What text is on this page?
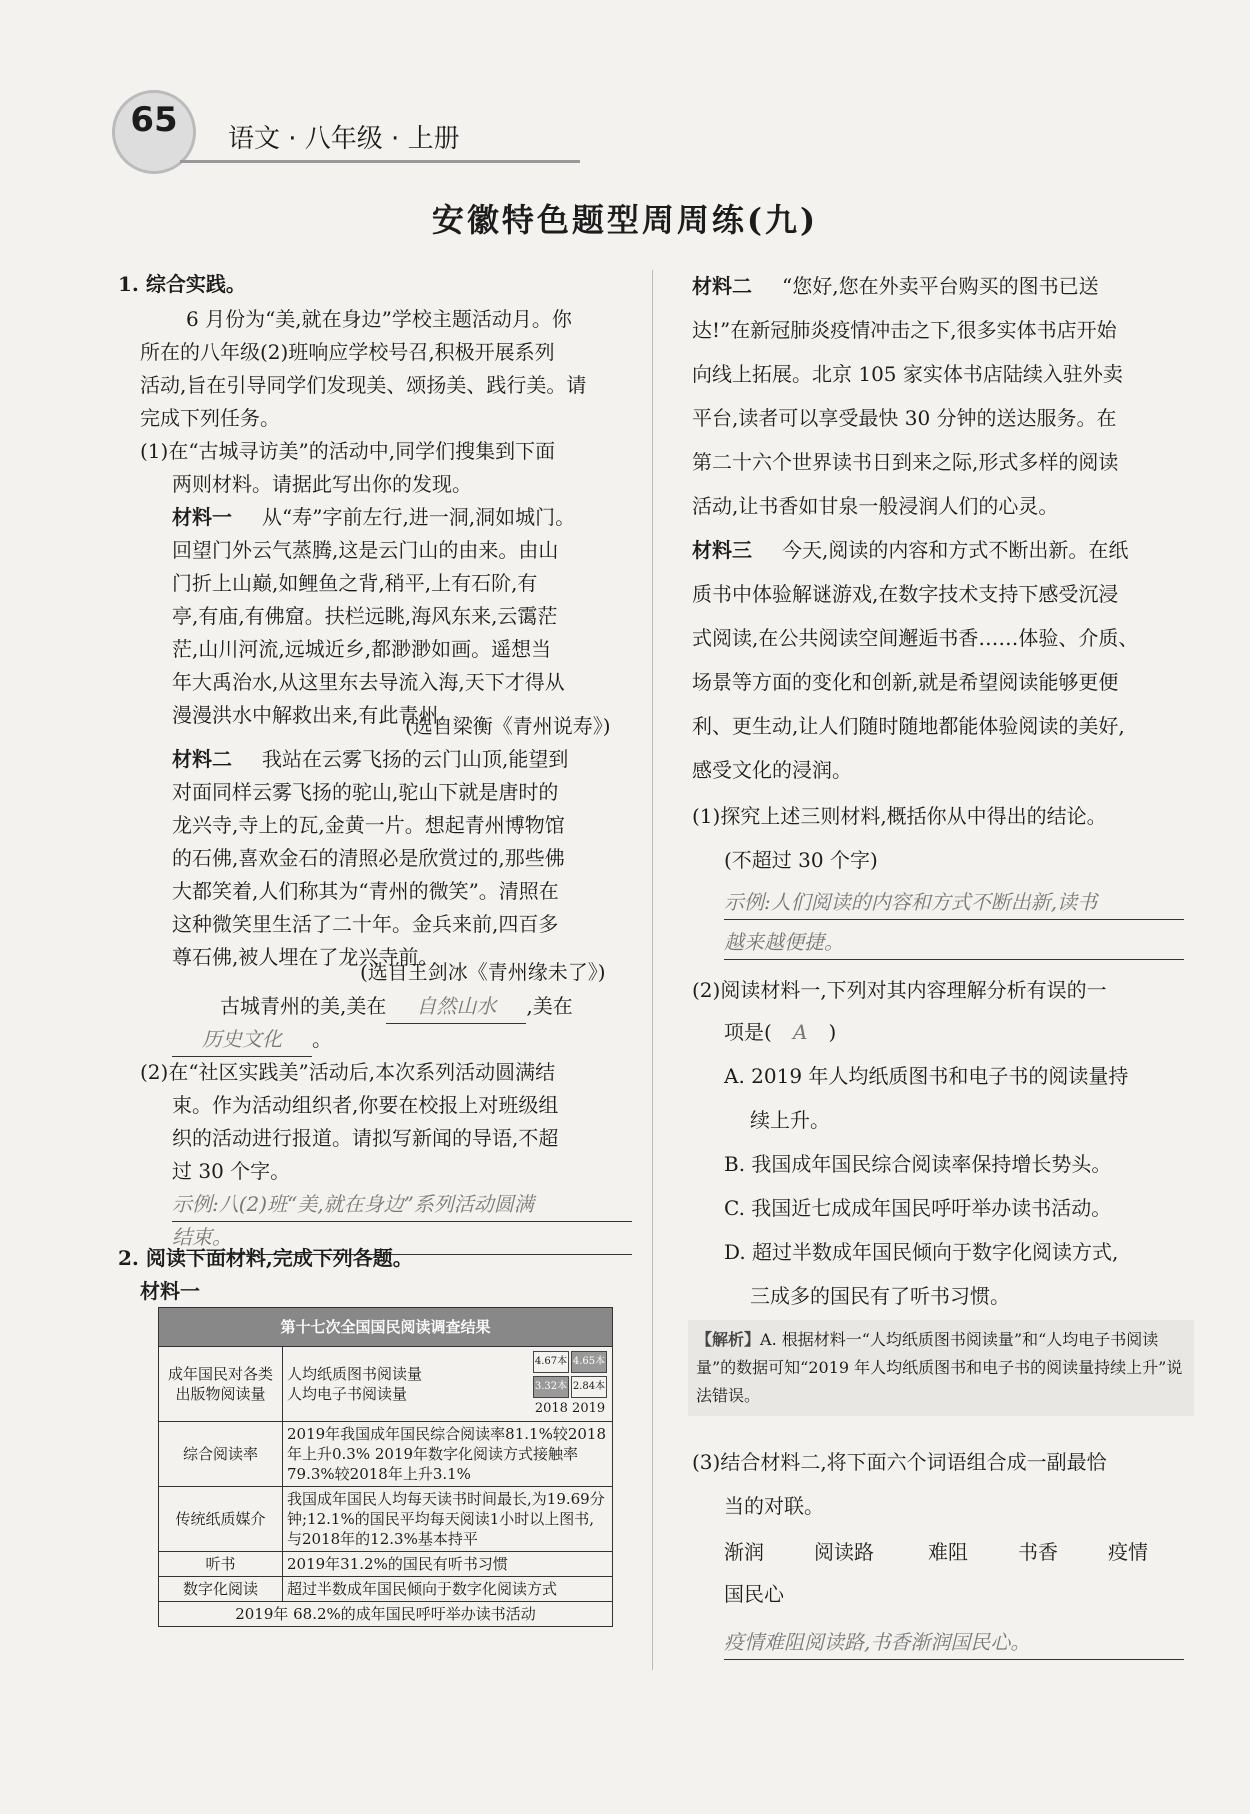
65	语文 · 八年级 · 上册
安徽特色题型周周练(九)
1. 综合实践。
6 月份为“美,就在身边”学校主题活动月。你
所在的八年级(2)班响应学校号召,积极开展系列
活动,旨在引导同学们发现美、颂扬美、践行美。请
完成下列任务。
(1)在“古城寻访美”的活动中,同学们搜集到下面
两则材料。请据此写出你的发现。
材料一 从“寿”字前左行,进一洞,洞如城门。
回望门外云气蒸腾,这是云门山的由来。由山
门折上山巅,如鲤鱼之背,稍平,上有石阶,有
亭,有庙,有佛窟。扶栏远眺,海风东来,云霭茫
茫,山川河流,远城近乡,都渺渺如画。遥想当
年大禹治水,从这里东去导流入海,天下才得从
漫漫洪水中解救出来,有此青州。
(选自梁衡《青州说寿》)
材料二 我站在云雾飞扬的云门山顶,能望到
对面同样云雾飞扬的驼山,驼山下就是唐时的
龙兴寺,寺上的瓦,金黄一片。想起青州博物馆
的石佛,喜欢金石的清照必是欣赏过的,那些佛
大都笑着,人们称其为“青州的微笑”。清照在
这种微笑里生活了二十年。金兵来前,四百多
尊石佛,被人埋在了龙兴寺前。
(选自王剑冰《青州缘未了》)
古城青州的美,美在 自然山水 ,美在
历史文化 。
(2)在“社区实践美”活动后,本次系列活动圆满结
束。作为活动组织者,你要在校报上对班级组
织的活动进行报道。请拟写新闻的导语,不超
过 30 个字。
示例:八(2)班“美,就在身边”系列活动圆满
结束。
2. 阅读下面材料,完成下列各题。
材料一
第十七次全国国民阅读调查结果	
成年国民对各类出版物阅读量	人均纸质图书阅读量
人均电子书阅读量
4.67本 4.65本
3.32本 2.84本
2018 2019

综合阅读率	2019年我国成年国民综合阅读率81.1%较2018年上升0.3% 2019年数字化阅读方式接触率79.3%较2018年上升3.1%
传统纸质媒介	我国成年国民人均每天读书时间最长,为19.69分钟;12.1%的国民平均每天阅读1小时以上图书,与2018年的12.3%基本持平
听书	2019年31.2%的国民有听书习惯
数字化阅读	超过半数成年国民倾向于数字化阅读方式
2019年 68.2%的成年国民呼吁举办读书活动	
材料二 “您好,您在外卖平台购买的图书已送
达!”在新冠肺炎疫情冲击之下,很多实体书店开始
向线上拓展。北京 105 家实体书店陆续入驻外卖
平台,读者可以享受最快 30 分钟的送达服务。在
第二十六个世界读书日到来之际,形式多样的阅读
活动,让书香如甘泉一般浸润人们的心灵。
材料三 今天,阅读的内容和方式不断出新。在纸
质书中体验解谜游戏,在数字技术支持下感受沉浸
式阅读,在公共阅读空间邂逅书香……体验、介质、
场景等方面的变化和创新,就是希望阅读能够更便
利、更生动,让人们随时随地都能体验阅读的美好,
感受文化的浸润。
(1)探究上述三则材料,概括你从中得出的结论。
(不超过 30 个字)
示例:人们阅读的内容和方式不断出新,读书
越来越便捷。
(2)阅读材料一,下列对其内容理解分析有误的一
项是( A )
A. 2019 年人均纸质图书和电子书的阅读量持
续上升。
B. 我国成年国民综合阅读率保持增长势头。
C. 我国近七成成年国民呼吁举办读书活动。
D. 超过半数成年国民倾向于数字化阅读方式,
三成多的国民有了听书习惯。
【解析】A. 根据材料一“人均纸质图书阅读量”和“人均电子书阅读量”的数据可知“2019 年人均纸质图书和电子书的阅读量持续上升”说法错误。
(3)结合材料二,将下面六个词语组合成一副最恰
当的对联。
渐润	阅读路	难阻	书香	疫情
国民心
疫情难阻阅读路,书香渐润国民心。
